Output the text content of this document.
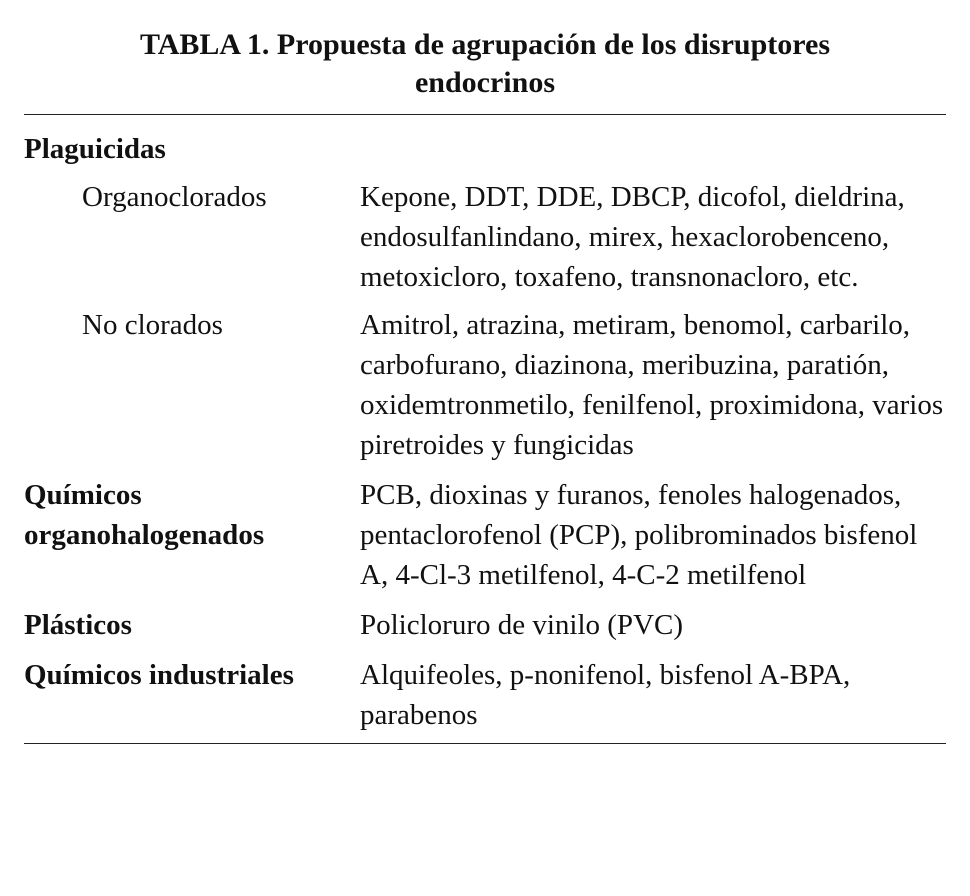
TABLA 1. Propuesta de agrupación de los disruptores endocrinos
Plaguicidas	
Organoclorados	Kepone, DDT, DDE, DBCP, dicofol, dieldrina, endosulfanlindano, mirex, hexaclorobenceno, metoxicloro, toxafeno, transnonacloro, etc.
No clorados	Amitrol, atrazina, metiram, benomol, carbarilo, carbofurano, diazinona, meribuzina, paratión, oxidemtronmetilo, fenilfenol, proximidona, varios piretroides y fungicidas
Químicos organohalogenados	PCB, dioxinas y furanos, fenoles halogenados, pentaclorofenol (PCP), polibrominados bisfenol A, 4-Cl-3 metilfenol, 4-C-2 metilfenol
Plásticos	Policloruro de vinilo (PVC)
Químicos industriales	Alquifeoles, p-nonifenol, bisfenol A-BPA, parabenos
